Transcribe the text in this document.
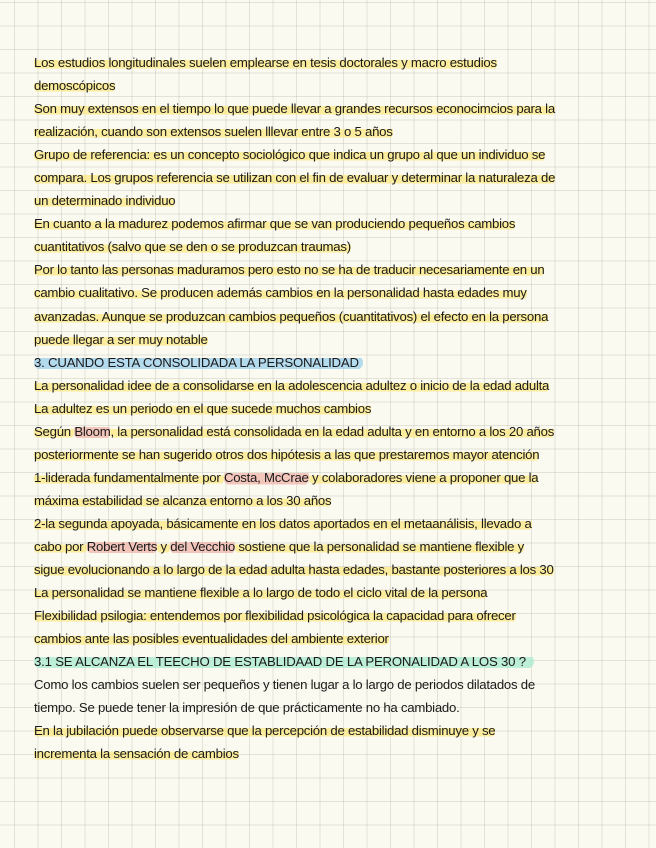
Los estudios longitudinales suelen emplearse en tesis doctorales y macro estudios
demoscópicos
Son muy extensos en el tiempo lo que puede llevar a grandes recursos econocimcios para la
realización, cuando son extensos suelen lllevar entre 3 o 5 años
Grupo de referencia: es un concepto sociológico que indica un grupo al que un individuo se
compara. Los grupos referencia se utilizan con el fin de evaluar y determinar la naturaleza de
un determinado individuo
En cuanto a la madurez podemos afirmar que se van produciendo pequeños cambios
cuantitativos (salvo que se den o se produzcan traumas)
Por lo tanto las personas maduramos pero esto no se ha de traducir necesariamente en un
cambio cualitativo. Se producen además cambios en la personalidad hasta edades muy
avanzadas. Aunque se produzcan cambios pequeños (cuantitativos) el efecto en la persona
puede llegar a ser muy notable
3. CUANDO ESTA CONSOLIDADA LA PERSONALIDAD
La personalidad idee de a consolidarse en la adolescencia adultez o inicio de la edad adulta
La adultez es un periodo en el que sucede muchos cambios
Según Bloom, la personalidad está consolidada en la edad adulta y en entorno a los 20 años
posteriormente se han sugerido otros dos hipótesis a las que prestaremos mayor atención
1-liderada fundamentalmente por Costa, McCrae y colaboradores viene a proponer que la
máxima estabilidad se alcanza entorno a los 30 años
2-la segunda apoyada, básicamente en los datos aportados en el metaanálisis, llevado a
cabo por Robert Verts y del Vecchio sostiene que la personalidad se mantiene flexible y
sigue evolucionando a lo largo de la edad adulta hasta edades, bastante posteriores a los 30
La personalidad se mantiene flexible a lo largo de todo el ciclo vital de la persona
Flexibilidad psilogia: entendemos por flexibilidad psicológica la capacidad para ofrecer
cambios ante las posibles eventualidades del ambiente exterior
3.1 SE ALCANZA EL TEECHO DE ESTABLIDAAD DE LA PERONALIDAD A LOS 30 ?
Como los cambios suelen ser pequeños y tienen lugar a lo largo de periodos dilatados de
tiempo. Se puede tener la impresión de que prácticamente no ha cambiado.
En la jubilación puede observarse que la percepción de estabilidad disminuye y se
incrementa la sensación de cambios
